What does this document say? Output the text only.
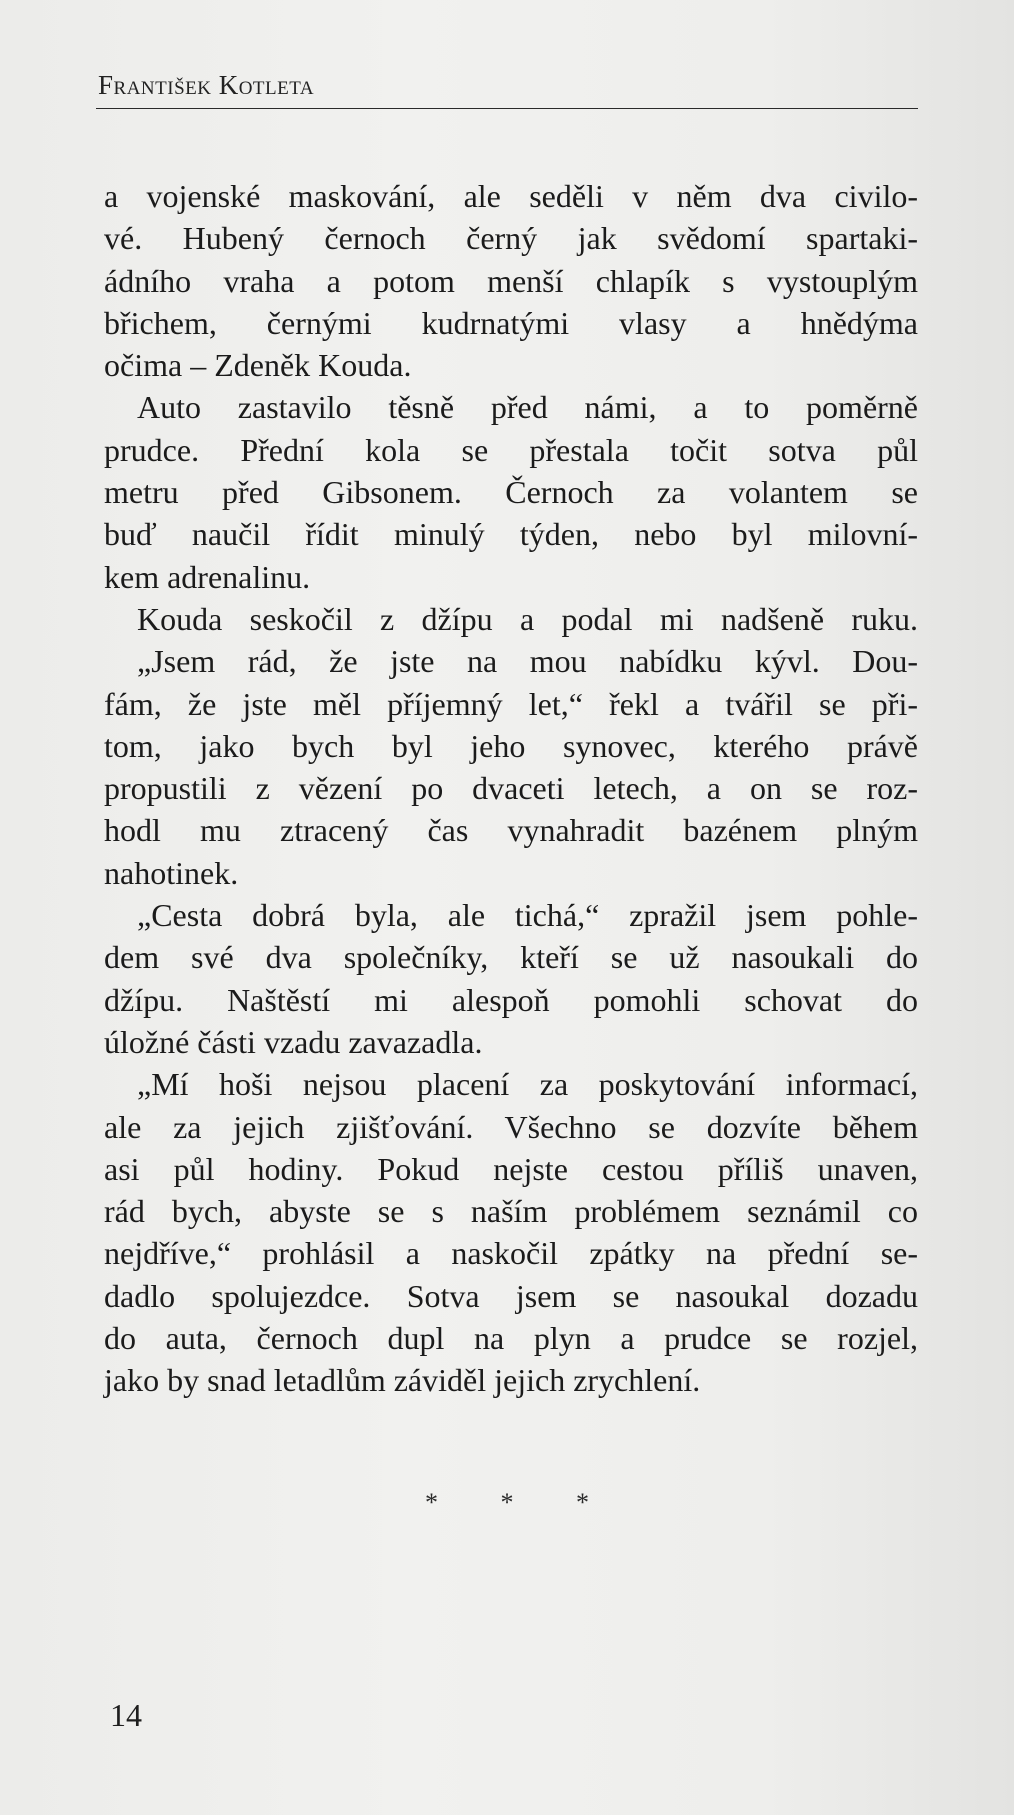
František Kotleta
a vojenské maskování, ale seděli v něm dva civilo-
vé. Hubený černoch černý jak svědomí spartaki-
ádního vraha a potom menší chlapík s vystouplým
břichem, černými kudrnatými vlasy a hnědýma
očima – Zdeněk Kouda.
Auto zastavilo těsně před námi, a to poměrně
prudce. Přední kola se přestala točit sotva půl
metru před Gibsonem. Černoch za volantem se
buď naučil řídit minulý týden, nebo byl milovní-
kem adrenalinu.
Kouda seskočil z džípu a podal mi nadšeně ruku.
„Jsem rád, že jste na mou nabídku kývl. Dou-
fám, že jste měl příjemný let,“ řekl a tvářil se při-
tom, jako bych byl jeho synovec, kterého právě
propustili z vězení po dvaceti letech, a on se roz-
hodl mu ztracený čas vynahradit bazénem plným
nahotinek.
„Cesta dobrá byla, ale tichá,“ zpražil jsem pohle-
dem své dva společníky, kteří se už nasoukali do
džípu. Naštěstí mi alespoň pomohli schovat do
úložné části vzadu zavazadla.
„Mí hoši nejsou placení za poskytování informací,
ale za jejich zjišťování. Všechno se dozvíte během
asi půl hodiny. Pokud nejste cestou příliš unaven,
rád bych, abyste se s naším problémem seznámil co
nejdříve,“ prohlásil a naskočil zpátky na přední se-
dadlo spolujezdce. Sotva jsem se nasoukal dozadu
do auta, černoch dupl na plyn a prudce se rozjel,
jako by snad letadlům záviděl jejich zrychlení.
* * *
14
